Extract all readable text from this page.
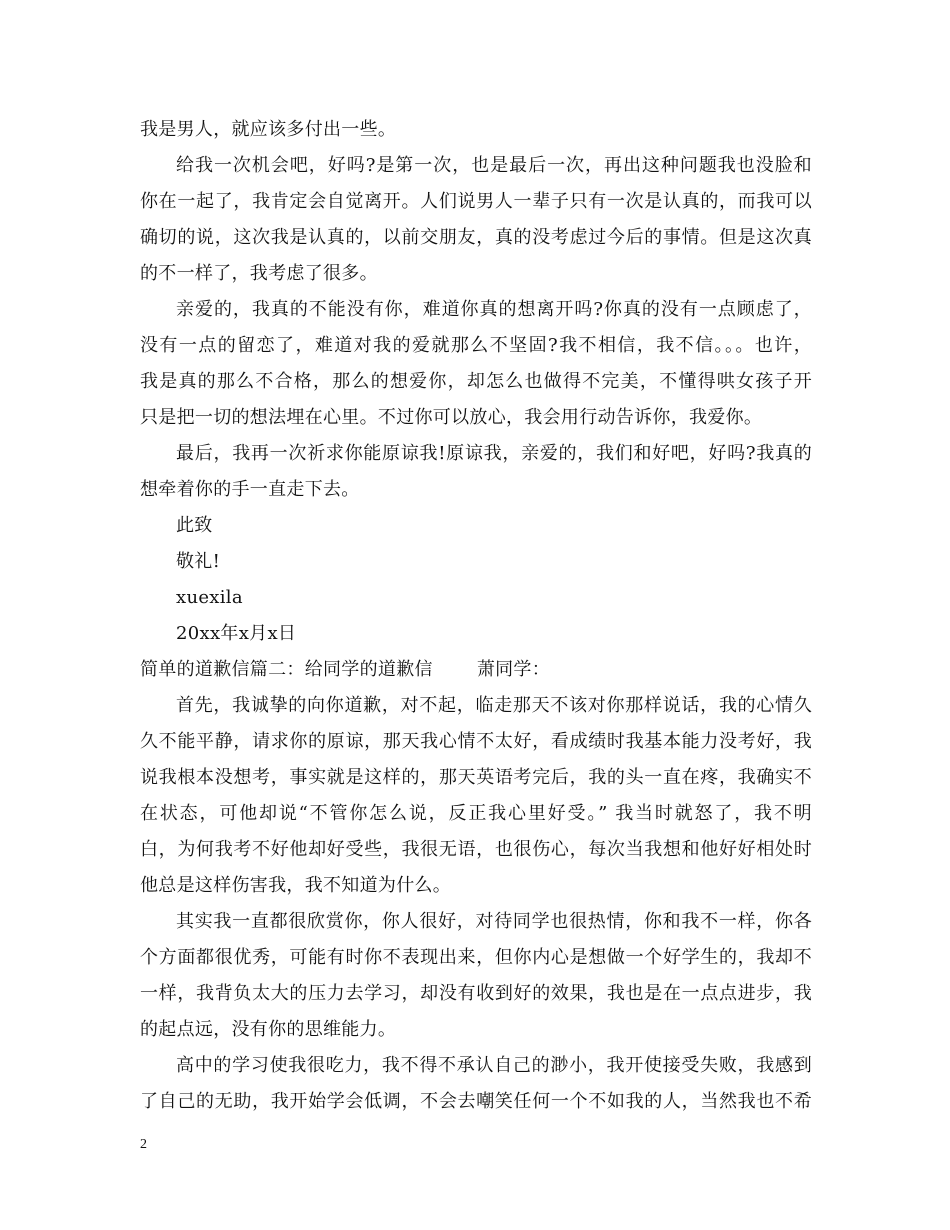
我是男人，就应该多付出一些。
给我一次机会吧，好吗?是第一次，也是最后一次，再出这种问题我也没脸和
你在一起了，我肯定会自觉离开。人们说男人一辈子只有一次是认真的，而我可以
确切的说，这次我是认真的，以前交朋友，真的没考虑过今后的事情。但是这次真
的不一样了，我考虑了很多。
亲爱的，我真的不能没有你，难道你真的想离开吗?你真的没有一点顾虑了，
没有一点的留恋了，难道对我的爱就那么不坚固?我不相信，我不信。。。也许，
我是真的那么不合格，那么的想爱你，却怎么也做得不完美，不懂得哄女孩子开
只是把一切的想法埋在心里。不过你可以放心，我会用行动告诉你，我爱你。
最后，我再一次祈求你能原谅我!原谅我，亲爱的，我们和好吧，好吗?我真的
想牵着你的手一直走下去。
此致
敬礼!
xuexila
20xx年x月x日
简单的道歉信篇二：给同学的道歉信 萧同学：
首先，我诚挚的向你道歉，对不起，临走那天不该对你那样说话，我的心情久
久不能平静，请求你的原谅，那天我心情不太好，看成绩时我基本能力没考好，我
说我根本没想考，事实就是这样的，那天英语考完后，我的头一直在疼，我确实不
在状态，可他却说“不管你怎么说，反正我心里好受。” 我当时就怒了，我不明
白，为何我考不好他却好受些，我很无语，也很伤心，每次当我想和他好好相处时
他总是这样伤害我，我不知道为什么。
其实我一直都很欣赏你，你人很好，对待同学也很热情，你和我不一样，你各
个方面都很优秀，可能有时你不表现出来，但你内心是想做一个好学生的，我却不
一样，我背负太大的压力去学习，却没有收到好的效果，我也是在一点点进步，我
的起点远，没有你的思维能力。
高中的学习使我很吃力，我不得不承认自己的渺小，我开使接受失败，我感到
了自己的无助，我开始学会低调，不会去嘲笑任何一个不如我的人，当然我也不希
2
